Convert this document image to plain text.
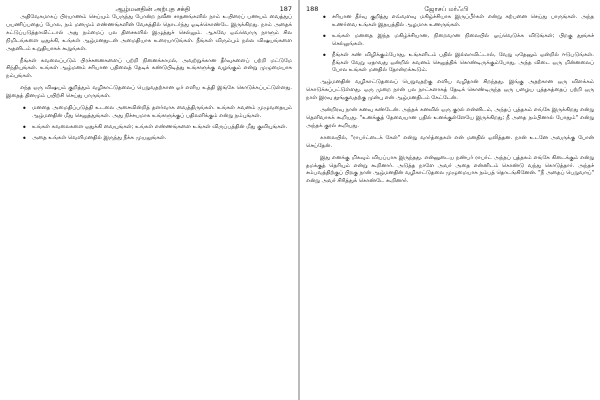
ஆழ்மனதின் அற்புத சக்தி	187

அதிவேகமாகப் பிரயாணம் செய்யும் பேருந்து போன்ற நவீன சாதனங்களில் நாம் உயிரைப் பணயம் வைத்துப் பயணிப்பதைப் போல, நம் மனமும் எண்ணங்களின் வேகத்தில் தொடர்ந்து ஓடிக்கொண்டே இருக்கிறது. நாம் அதைக் கட்டுப்படுத்தாவிட்டால் அது நம்மைப் பல திசைகளில் இழுத்துச் செல்லும். ஆகவே ஒவ்வொரு நாளும் சில நிமிடங்களை ஒதுக்கி, உங்கள் ஆழ்மனதுடன் அமைதியாக உரையாடுங்கள். நீங்கள் விரும்பும் நல்ல விஷயங்களை அதனிடம் உறுதியாகக் கூறுங்கள்.

நீங்கள் கவலைப்படும் பிரச்சனைகளைப் பற்றி நினைக்காமல், அவற்றுக்கான தீர்வுகளைப் பற்றி மட்டுமே சிந்தியுங்கள். உங்கள் ஆழ்மனம் சரியான பதிலைத் தேடிக் கண்டுபிடித்து உங்களுக்கு வழங்கும் என்று முழுமையாக நம்புங்கள்.

எந்த ஒரு விஷயம் குறித்தும் வழிகாட்டுதலைப் பெறுவதற்கான ஓர் எளிய உத்தி இங்கே கொடுக்கப்பட்டுள்ளது. இதைத் தினமும் பயிற்சி செய்து பாருங்கள்.

• மனதை அமைதிப்படுத்தி உடலை அசைவின்றித் தளர்வாக வைத்திருங்கள். உங்கள் கவனம் முழுவதையும் ஆழ்மனதின் மீது செலுத்துங்கள். அது நிச்சயமாக உங்களுக்குப் பதிலளிக்கும் என்று நம்புங்கள்.
• உங்கள் கவலைகளை ஒதுக்கி வையுங்கள்; உங்கள் எண்ணங்களை உங்கள் விருப்பத்தின் மீது குவியுங்கள்.
• அதை உங்கள் வெளிமனதில் இருந்து நீக்க முயலுங்கள்.
188	ஜோசப் மர்ஃபி
• சரியான தீர்வு குறித்து எவ்வளவு மகிழ்ச்சியாக இருப்பீர்கள் என்று கற்பனை செய்து பாருங்கள். அந்த உணர்வை உங்கள் இதயத்தில் ஆழமாக உணருங்கள்.
• உங்கள் மனதை இந்த மகிழ்ச்சியான, நிறைவான நிலையில் ஓய்வெடுக்க விடுங்கள்; பிறகு தூங்கச் செல்லுங்கள்.
• நீங்கள் கண் விழிக்கும்போது, உங்களிடம் பதில் இல்லாவிட்டால், வேறு ஏதேனும் ஒன்றில் ஈடுபடுங்கள். நீங்கள் வேறு ஏதாவது ஒன்றில் கவனம் செலுத்திக் கொண்டிருக்கும்போது, அந்த விடை ஒரு மின்னலைப் போல உங்கள் மனதில் தோன்றக்கூடும்.

ஆழ்மனதின் வழிகாட்டுதலைப் பெறுவதற்கு எளிய வழிதான் சிறந்தது. இங்கு அதற்கான ஒரு விளக்கம் கொடுக்கப்பட்டுள்ளது. ஒரு முறை நான் பல நாட்களாகத் தேடிக் கொண்டிருந்த ஒரு பழைய புத்தகத்தைப் பற்றி ஒரு நாள் இரவு தூங்குவதற்கு முன்பு என் ஆழ்மனதிடம் கேட்டேன்.

அன்றிரவு நான் கனவு கண்டேன். அந்தக் கனவில் ஒரு குரல் என்னிடம், அந்தப் புத்தகம் எங்கே இருக்கிறது என்று தெளிவாகக் கூறியது. "உனக்குத் தேவையான பதில் உனக்குள்ளேயே இருக்கிறது; நீ அதை நம்பினால் போதும்" என்று அந்தக் குரல் கூறியது.

காலையில், "ராபர்ட்டைக் கேள்" என்று வார்த்தைகள் என் மனதில் ஒலித்தன. நான் உடனே அவருக்கு போன் செய்தேன்.

இது எனக்கு மிகவும் வியப்பாக இருந்தது. என்னுடைய நண்பர் ராபர்ட் அந்தப் புத்தகம் எங்கே கிடைக்கும் என்று தமக்குத் தெரியும் என்று கூறினார். அடுத்த நாளே அவர் அதை என்னிடம் கொண்டு வந்து கொடுத்தார். அந்தச் சம்பவத்திற்குப் பிறகு நான் ஆழ்மனதின் வழிகாட்டுதலை முழுமையாக நம்பத் தொடங்கினேன். "நீ அதைப் பெறுவாய்" என்று அவர் சிரித்துக் கொண்டே கூறினார்.
